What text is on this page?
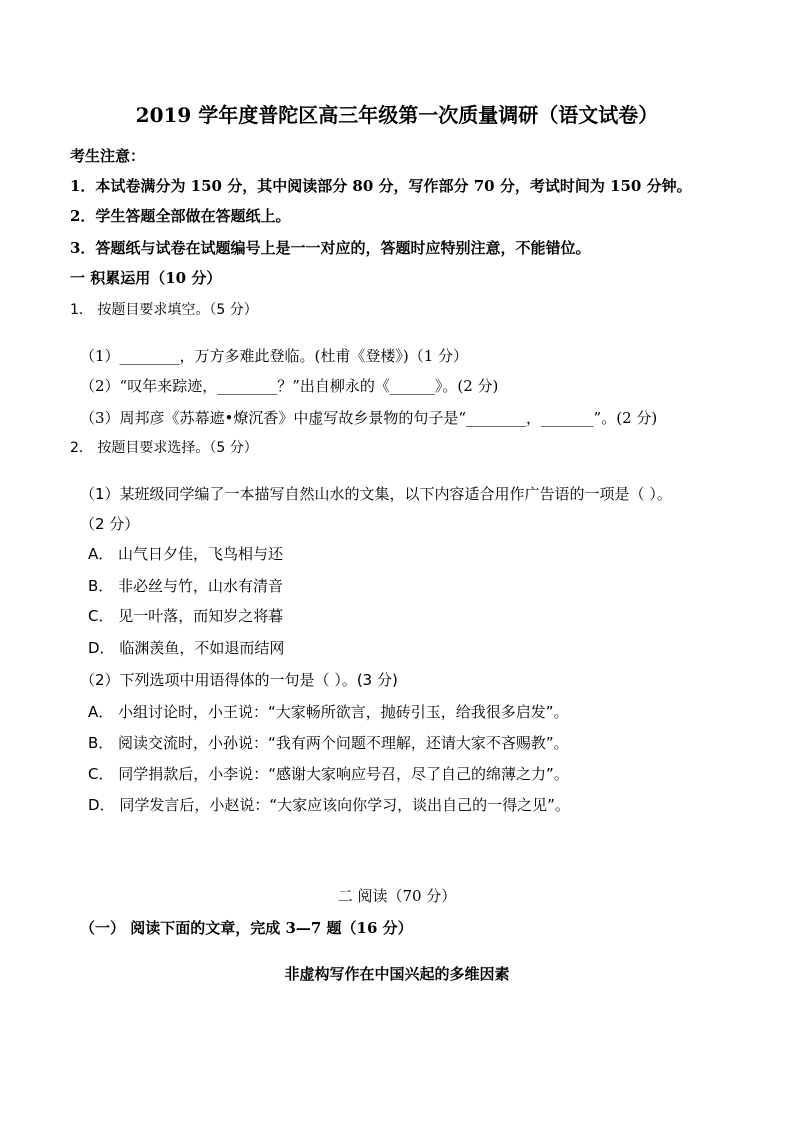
2019 学年度普陀区高三年级第一次质量调研（语文试卷）
考生注意：
1．本试卷满分为 150 分，其中阅读部分 80 分，写作部分 70 分，考试时间为 150 分钟。
2．学生答题全部做在答题纸上。
3．答题纸与试卷在试题编号上是一一对应的，答题时应特别注意，不能错位。
一 积累运用（10 分）
1． 按题目要求填空。（5 分）
（1）________，万方多难此登临。(杜甫《登楼》)（1 分）
（2）“叹年来踪迹，________？”出自柳永的《______》。(2 分)
（3）周邦彦《苏幕遮•燎沉香》中虚写故乡景物的句子是“________，_______”。(2 分)
2． 按题目要求选择。（5 分）
（1）某班级同学编了一本描写自然山水的文集，以下内容适合用作广告语的一项是（ ）。
（2 分）
A． 山气日夕佳，飞鸟相与还
B． 非必丝与竹，山水有清音
C． 见一叶落，而知岁之将暮
D． 临渊羡鱼，不如退而结网
（2）下列选项中用语得体的一句是（ ）。(3 分)
A． 小组讨论时，小王说：“大家畅所欲言，抛砖引玉，给我很多启发”。
B． 阅读交流时，小孙说：“我有两个问题不理解，还请大家不吝赐教”。
C． 同学捐款后，小李说：“感谢大家响应号召，尽了自己的绵薄之力”。
D． 同学发言后，小赵说：“大家应该向你学习，谈出自己的一得之见”。
二 阅读（70 分）
（一） 阅读下面的文章，完成 3—7 题（16 分）
非虚构写作在中国兴起的多维因素
